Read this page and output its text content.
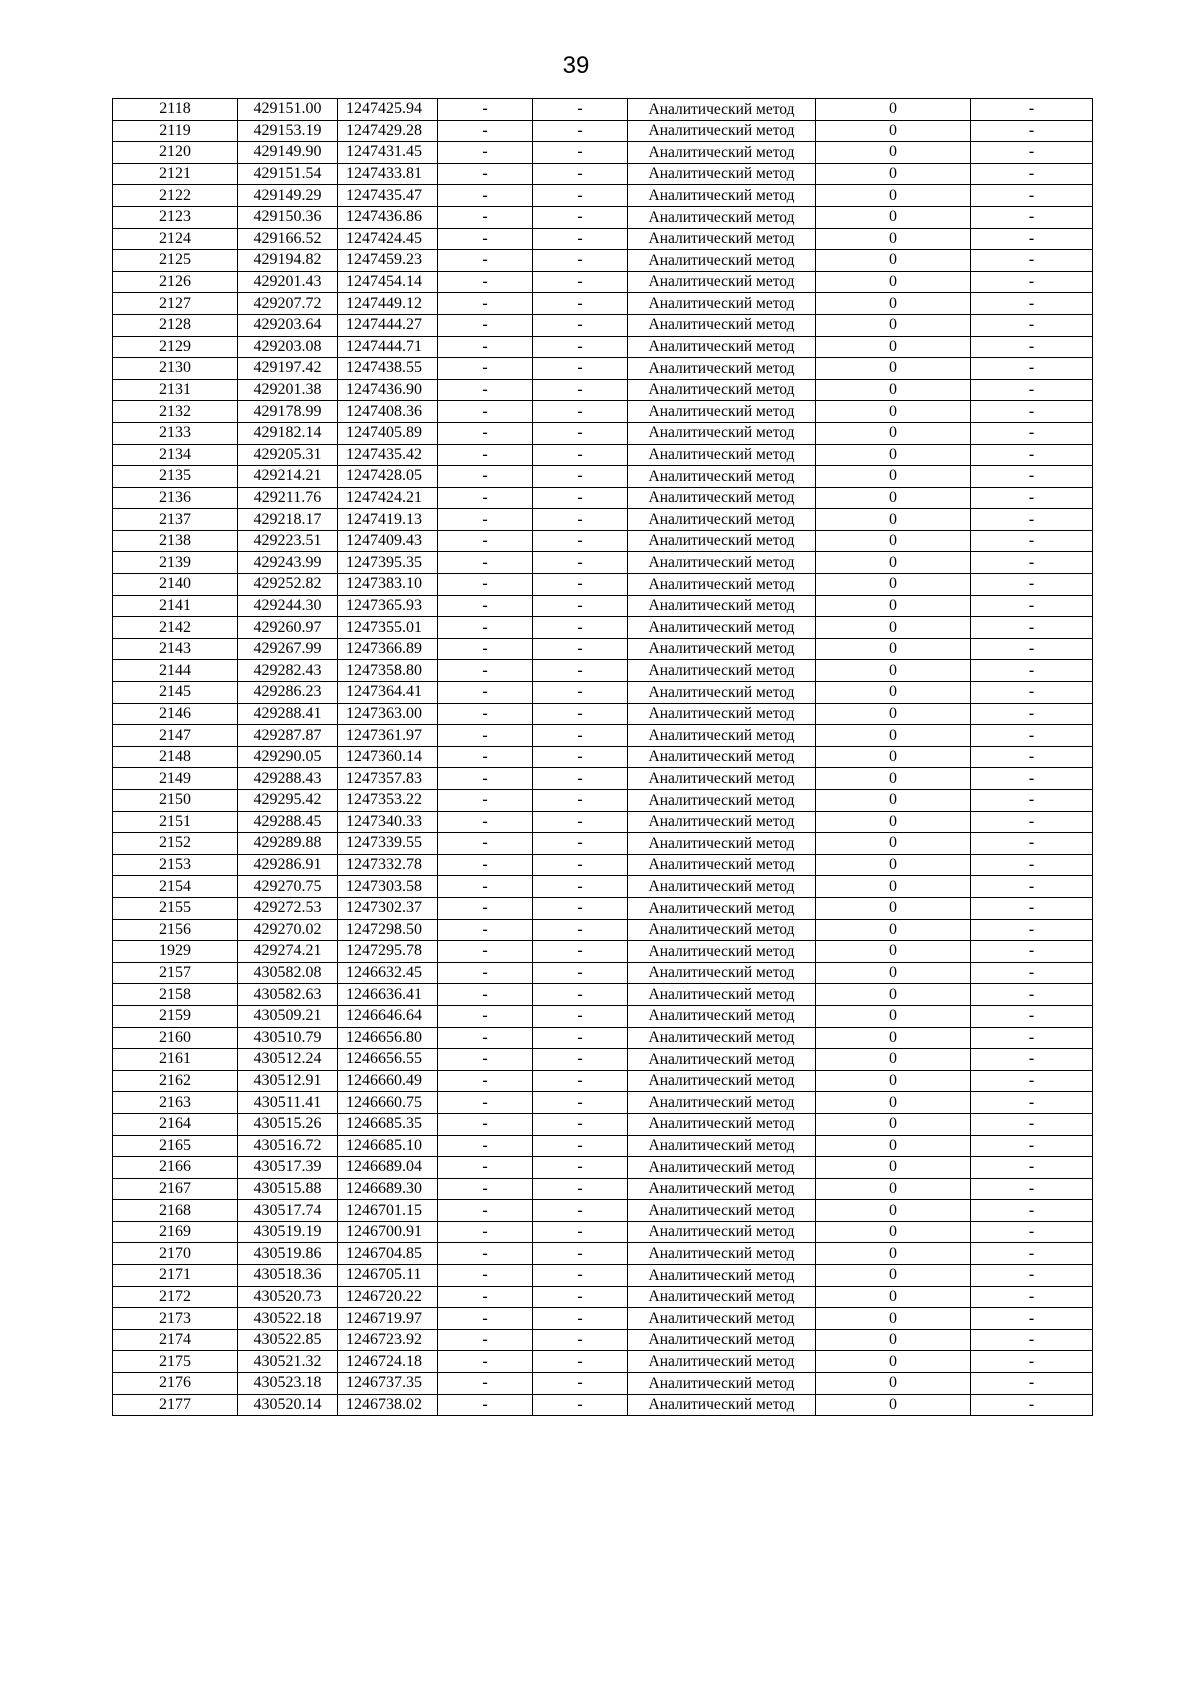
39
2118	429151.00	1247425.94	-	-	Аналитический метод	0	-
2119	429153.19	1247429.28	-	-	Аналитический метод	0	-
2120	429149.90	1247431.45	-	-	Аналитический метод	0	-
2121	429151.54	1247433.81	-	-	Аналитический метод	0	-
2122	429149.29	1247435.47	-	-	Аналитический метод	0	-
2123	429150.36	1247436.86	-	-	Аналитический метод	0	-
2124	429166.52	1247424.45	-	-	Аналитический метод	0	-
2125	429194.82	1247459.23	-	-	Аналитический метод	0	-
2126	429201.43	1247454.14	-	-	Аналитический метод	0	-
2127	429207.72	1247449.12	-	-	Аналитический метод	0	-
2128	429203.64	1247444.27	-	-	Аналитический метод	0	-
2129	429203.08	1247444.71	-	-	Аналитический метод	0	-
2130	429197.42	1247438.55	-	-	Аналитический метод	0	-
2131	429201.38	1247436.90	-	-	Аналитический метод	0	-
2132	429178.99	1247408.36	-	-	Аналитический метод	0	-
2133	429182.14	1247405.89	-	-	Аналитический метод	0	-
2134	429205.31	1247435.42	-	-	Аналитический метод	0	-
2135	429214.21	1247428.05	-	-	Аналитический метод	0	-
2136	429211.76	1247424.21	-	-	Аналитический метод	0	-
2137	429218.17	1247419.13	-	-	Аналитический метод	0	-
2138	429223.51	1247409.43	-	-	Аналитический метод	0	-
2139	429243.99	1247395.35	-	-	Аналитический метод	0	-
2140	429252.82	1247383.10	-	-	Аналитический метод	0	-
2141	429244.30	1247365.93	-	-	Аналитический метод	0	-
2142	429260.97	1247355.01	-	-	Аналитический метод	0	-
2143	429267.99	1247366.89	-	-	Аналитический метод	0	-
2144	429282.43	1247358.80	-	-	Аналитический метод	0	-
2145	429286.23	1247364.41	-	-	Аналитический метод	0	-
2146	429288.41	1247363.00	-	-	Аналитический метод	0	-
2147	429287.87	1247361.97	-	-	Аналитический метод	0	-
2148	429290.05	1247360.14	-	-	Аналитический метод	0	-
2149	429288.43	1247357.83	-	-	Аналитический метод	0	-
2150	429295.42	1247353.22	-	-	Аналитический метод	0	-
2151	429288.45	1247340.33	-	-	Аналитический метод	0	-
2152	429289.88	1247339.55	-	-	Аналитический метод	0	-
2153	429286.91	1247332.78	-	-	Аналитический метод	0	-
2154	429270.75	1247303.58	-	-	Аналитический метод	0	-
2155	429272.53	1247302.37	-	-	Аналитический метод	0	-
2156	429270.02	1247298.50	-	-	Аналитический метод	0	-
1929	429274.21	1247295.78	-	-	Аналитический метод	0	-
2157	430582.08	1246632.45	-	-	Аналитический метод	0	-
2158	430582.63	1246636.41	-	-	Аналитический метод	0	-
2159	430509.21	1246646.64	-	-	Аналитический метод	0	-
2160	430510.79	1246656.80	-	-	Аналитический метод	0	-
2161	430512.24	1246656.55	-	-	Аналитический метод	0	-
2162	430512.91	1246660.49	-	-	Аналитический метод	0	-
2163	430511.41	1246660.75	-	-	Аналитический метод	0	-
2164	430515.26	1246685.35	-	-	Аналитический метод	0	-
2165	430516.72	1246685.10	-	-	Аналитический метод	0	-
2166	430517.39	1246689.04	-	-	Аналитический метод	0	-
2167	430515.88	1246689.30	-	-	Аналитический метод	0	-
2168	430517.74	1246701.15	-	-	Аналитический метод	0	-
2169	430519.19	1246700.91	-	-	Аналитический метод	0	-
2170	430519.86	1246704.85	-	-	Аналитический метод	0	-
2171	430518.36	1246705.11	-	-	Аналитический метод	0	-
2172	430520.73	1246720.22	-	-	Аналитический метод	0	-
2173	430522.18	1246719.97	-	-	Аналитический метод	0	-
2174	430522.85	1246723.92	-	-	Аналитический метод	0	-
2175	430521.32	1246724.18	-	-	Аналитический метод	0	-
2176	430523.18	1246737.35	-	-	Аналитический метод	0	-
2177	430520.14	1246738.02	-	-	Аналитический метод	0	-
